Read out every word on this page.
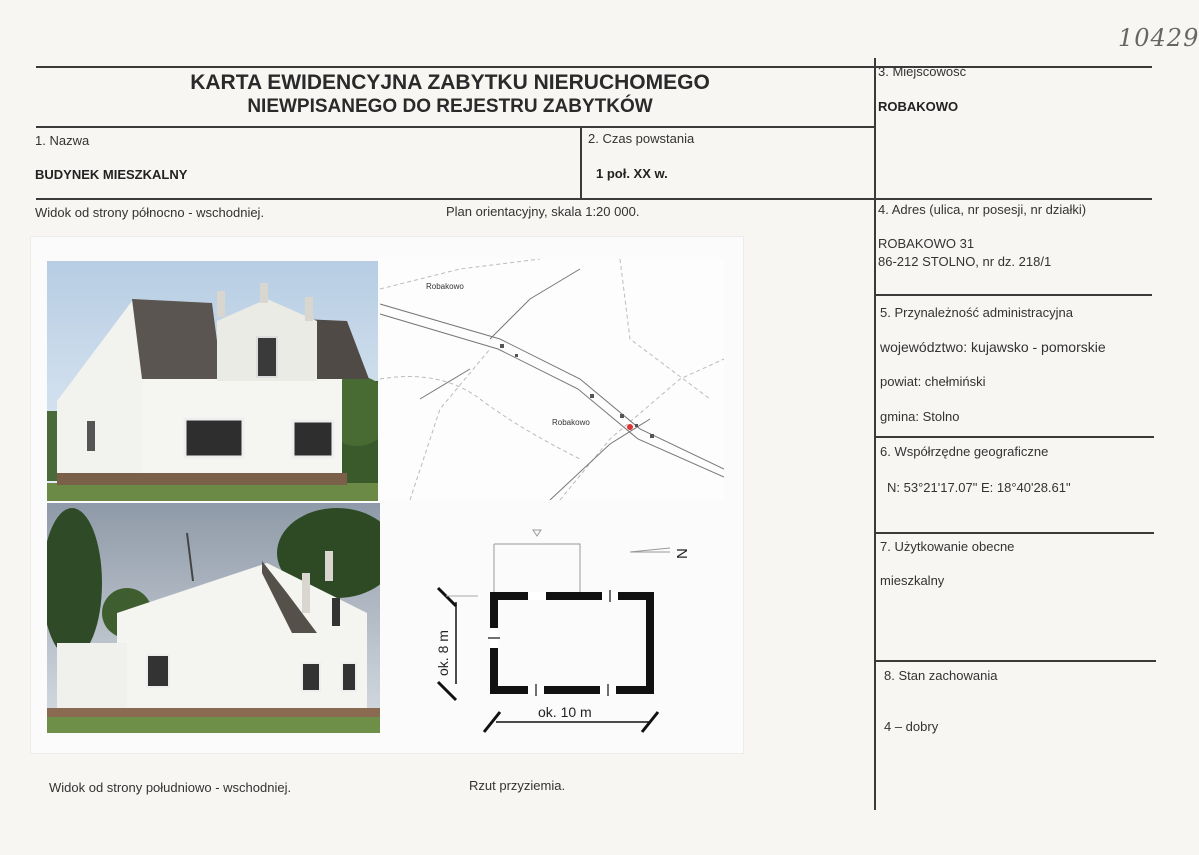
10429
KARTA EWIDENCYJNA ZABYTKU NIERUCHOMEGO
NIEWPISANEGO DO REJESTRU ZABYTKÓW
1. Nazwa
BUDYNEK MIESZKALNY
2. Czas powstania
1 poł. XX w.
3. Miejscowość
ROBAKOWO
4. Adres (ulica, nr posesji, nr działki)
ROBAKOWO 31
86-212 STOLNO, nr dz. 218/1
5. Przynależność administracyjna
województwo: kujawsko - pomorskie
powiat: chełmiński
gmina: Stolno
6. Współrzędne geograficzne
N: 53°21'17.07" E: 18°40'28.61"
7. Użytkowanie obecne
mieszkalny
8. Stan zachowania
4 – dobry
Widok od strony północno - wschodniej.	Plan orientacyjny, skala 1:20 000.
Widok od strony południowo - wschodniej.	Rzut przyziemia.
Robakowo
Robakowo
N
ok. 8 m
ok. 10 m
